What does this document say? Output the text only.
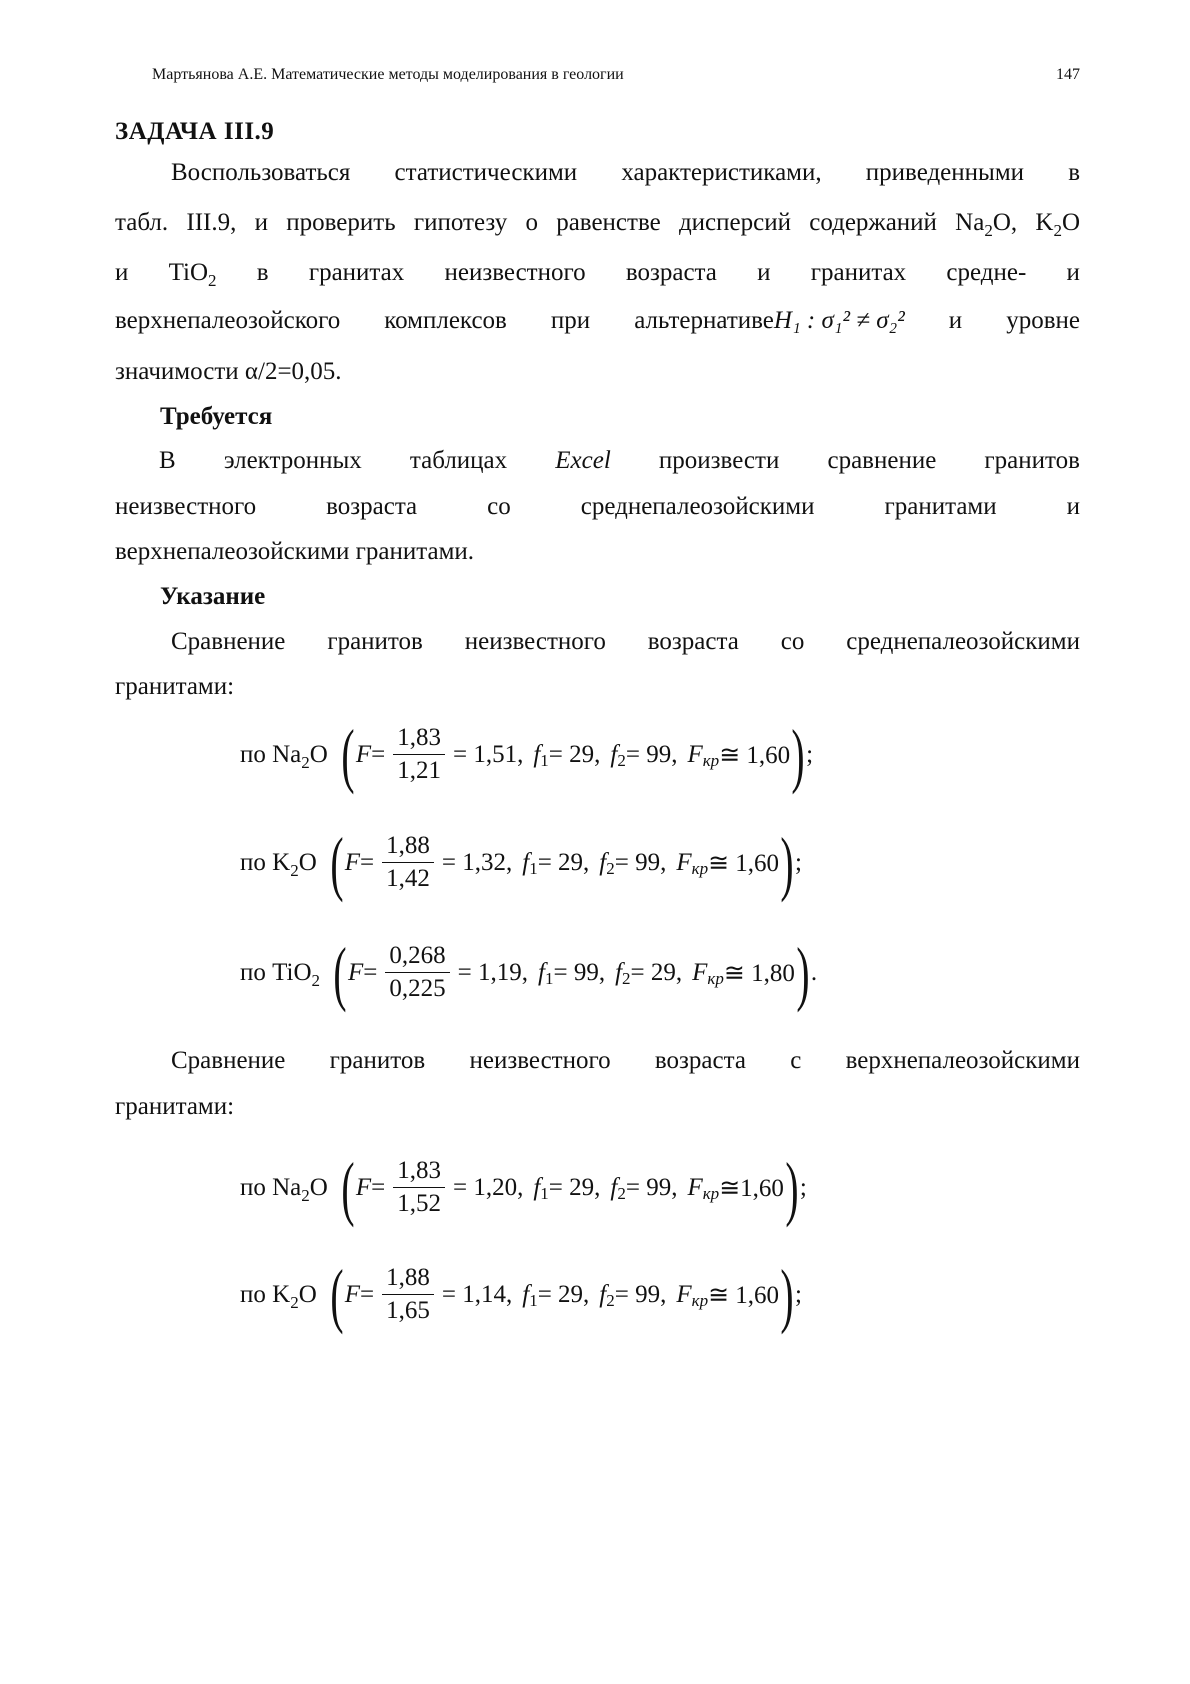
Мартьянова А.Е. Математические методы моделирования в геологии	147
ЗАДАЧА III.9
Воспользоваться статистическими характеристиками, приведенными в
табл. III.9, и проверить гипотезу о равенстве дисперсий содержаний $Na_2O$, $K_2O$
и TiO$_2$ в гранитах неизвестного возраста и гранитах средне- и
верхнепалеозойского комплексов при альтернативеH₁ : σ₁² ≠ σ₂² и уровне
значимости α/2=0,05.
Требуется
В электронных таблицах Excel произвести сравнение гранитов
неизвестного	возраста	со	среднепалеозойскими	гранитами	и
верхнепалеозойскими гранитами.
Указание
Сравнение гранитов неизвестного возраста со среднепалеозойскими
гранитами:
по $Na_2O$ ( $F = \frac{1,83}{1,21} = 1,51$, f 1 = 29, f 2 = 99, F кр ≅ 1,60 ) ;
по $K_2O$ ( $F = \frac{1,88}{1,42} = 1,32$, f 1 = 29, f 2 = 99, F кр ≅ 1,60 ) ;
по TiO$_2$ ( $F = \frac{0,268}{0,225} = 1,19$, f 1 = 99, f 2 = 29, F кр ≅ 1,80 ) .
Сравнение гранитов неизвестного возраста с верхнепалеозойскими
гранитами:
по $Na_2O$ ( $F = \frac{1,83}{1,52} = 1,20$, f 1 = 29, f 2 = 99, F кр ≅1,60 ) ;
по $K_2O$ ( $F = \frac{1,88}{1,65} = 1,14$, f 1 = 29, f 2 = 99, F кр ≅ 1,60 ) ;
